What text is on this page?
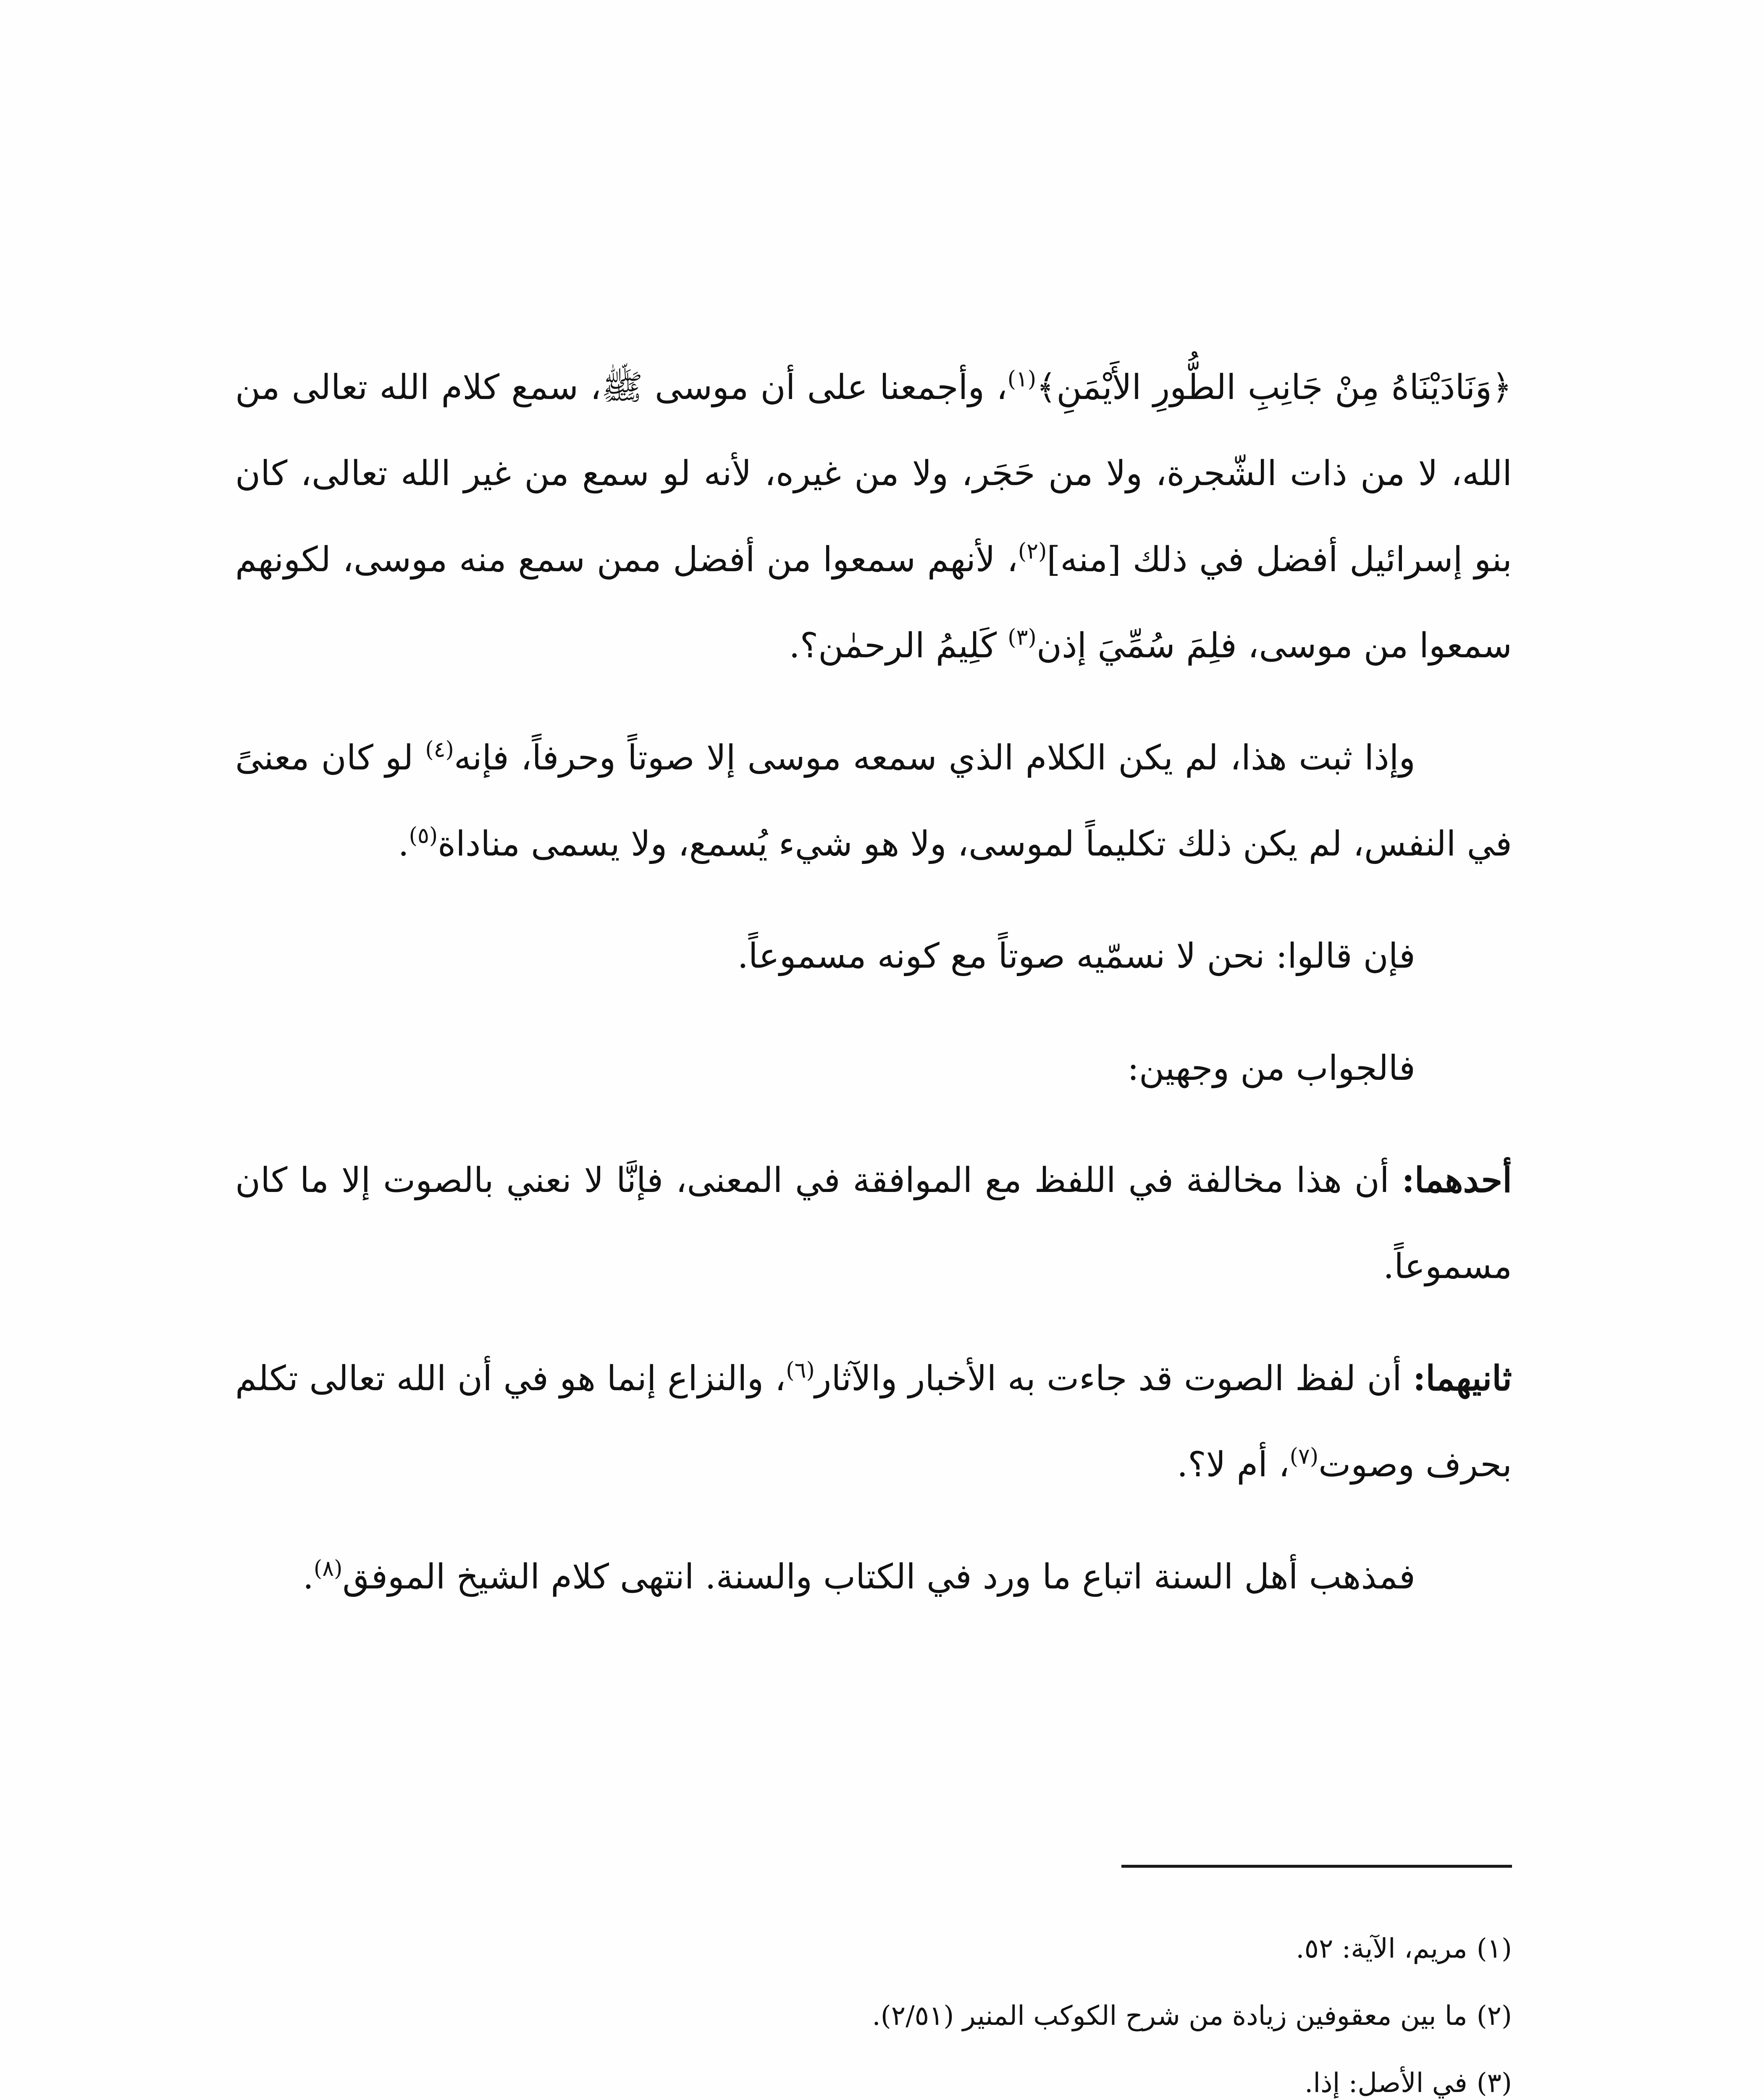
﴿وَنَادَيْنَاهُ مِنْ جَانِبِ الطُّورِ الأَيْمَنِ﴾$^{(١)}$، وأجمعنا على أن موسى ﷺ، سمع كلام الله تعالى من الله، لا من ذات الشّجرة، ولا من حَجَر، ولا من غيره، لأنه لو سمع من غير الله تعالى، كان بنو إسرائيل أفضل في ذلك [منه]$^{(٢)}$، لأنهم سمعوا من أفضل ممن سمع منه موسى، لكونهم سمعوا من موسى، فلِمَ سُمِّيَ إذن$^{(٣)}$ كَلِيمُ الرحمٰن؟.

وإذا ثبت هذا، لم يكن الكلام الذي سمعه موسى إلا صوتاً وحرفاً، فإنه$^{(٤)}$ لو كان معنىً في النفس، لم يكن ذلك تكليماً لموسى، ولا هو شيء يُسمع، ولا يسمى مناداة$^{(٥)}$.

فإن قالوا: نحن لا نسمّيه صوتاً مع كونه مسموعاً.

فالجواب من وجهين:

أحدهما: أن هذا مخالفة في اللفظ مع الموافقة في المعنى، فإنَّا لا نعني بالصوت إلا ما كان مسموعاً.

ثانيهما: أن لفظ الصوت قد جاءت به الأخبار والآثار$^{(٦)}$، والنزاع إنما هو في أن الله تعالى تكلم بحرف وصوت$^{(٧)}$، أم لا؟.

فمذهب أهل السنة اتباع ما ورد في الكتاب والسنة. انتهى كلام الشيخ الموفق$^{(٨)}$.

(١)مريم، الآية: ٥٢.
(٢)ما بين معقوفين زيادة من شرح الكوكب المنير (٢/٥١).
(٣)في الأصل: إذا.
